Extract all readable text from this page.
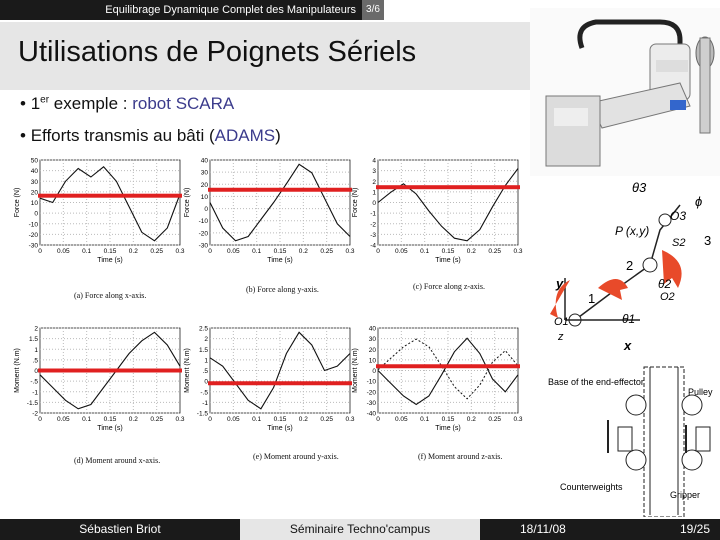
Equilibrage Dynamique Complet des Manipulateurs	3/6
Utilisations de Poignets Sériels
• 1er exemple : robot SCARA
• Efforts transmis au bâti (ADAMS)
50
40
30
20
10
0
-10
-20
-30
0 0.05 0.1 0.15 0.2 0.25 0.3
Time (s)
Force (N)
40
30
20
10
0
-10
-20
-30
0 0.05 0.1 0.15 0.2 0.25 0.3
Time (s)
Force (N)
4
3
2
1
0
-1
-2
-3
-4
0 0.05 0.1 0.15 0.2 0.25 0.3
Time (s)
Force (N)
2
1.5
1
.5
0
-.5
-1
-1.5
-2
0 0.05 0.1 0.15 0.2 0.25 0.3
Time (s)
Moment (N.m)
2.5
2
1.5
1
.5
0
-.5
-1
-1.5
0 0.05 0.1 0.15 0.2 0.25 0.3
Time (s)
Moment (N.m)
40
30
20
10
0
-10
-20
-30
-40
0 0.05 0.1 0.15 0.2 0.25 0.3
Time (s)
Moment (N.m)
(a) Force along x-axis.
(b) Force along y-axis.	(c) Force along z-axis.
(d) Moment around x-axis.	(e) Moment around y-axis.	(f) Moment around z-axis.
θ3
ϕ
O3
P (x,y)
S2 3
2
O2
θ2
y
1
O1	θ1
z
x
Base of the end-effector
Pulley
Counterweights
Gripper
Sébastien Briot	Séminaire Techno'campus	18/11/08	19/25
